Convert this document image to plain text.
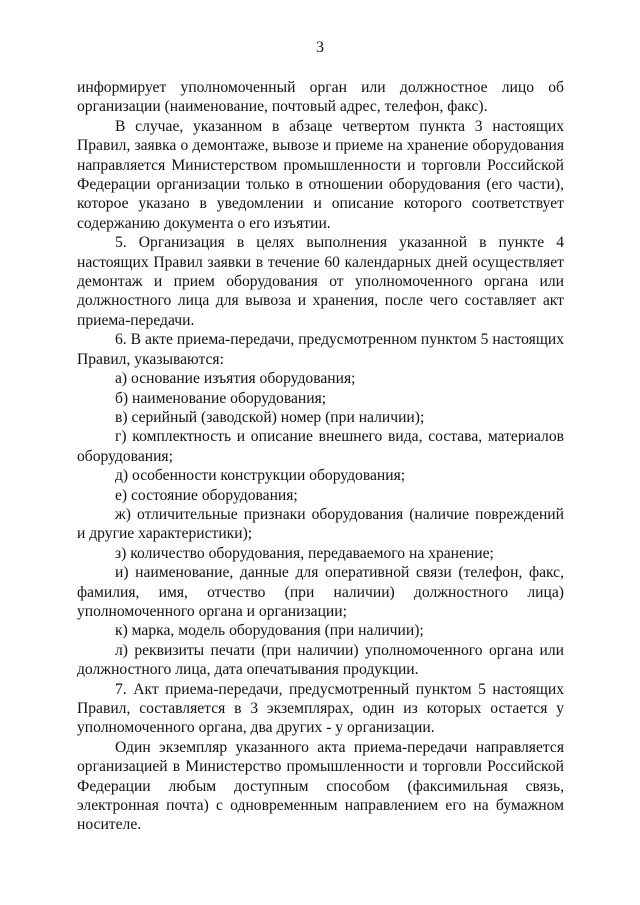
3

информирует уполномоченный орган или должностное лицо об организации (наименование, почтовый адрес, телефон, факс).

В случае, указанном в абзаце четвертом пункта 3 настоящих Правил, заявка о демонтаже, вывозе и приеме на хранение оборудования направляется Министерством промышленности и торговли Российской Федерации организации только в отношении оборудования (его части), которое указано в уведомлении и описание которого соответствует содержанию документа о его изъятии.

5. Организация в целях выполнения указанной в пункте 4 настоящих Правил заявки в течение 60 календарных дней осуществляет демонтаж и прием оборудования от уполномоченного органа или должностного лица для вывоза и хранения, после чего составляет акт приема-передачи.

6. В акте приема-передачи, предусмотренном пунктом 5 настоящих Правил, указываются:

а) основание изъятия оборудования;

б) наименование оборудования;

в) серийный (заводской) номер (при наличии);

г) комплектность и описание внешнего вида, состава, материалов оборудования;

д) особенности конструкции оборудования;

е) состояние оборудования;

ж) отличительные признаки оборудования (наличие повреждений и другие характеристики);

з) количество оборудования, передаваемого на хранение;

и) наименование, данные для оперативной связи (телефон, факс, фамилия, имя, отчество (при наличии) должностного лица) уполномоченного органа и организации;

к) марка, модель оборудования (при наличии);

л) реквизиты печати (при наличии) уполномоченного органа или должностного лица, дата опечатывания продукции.

7. Акт приема-передачи, предусмотренный пунктом 5 настоящих Правил, составляется в 3 экземплярах, один из которых остается у уполномоченного органа, два других - у организации.

Один экземпляр указанного акта приема-передачи направляется организацией в Министерство промышленности и торговли Российской Федерации любым доступным способом (факсимильная связь, электронная почта) с одновременным направлением его на бумажном носителе.
